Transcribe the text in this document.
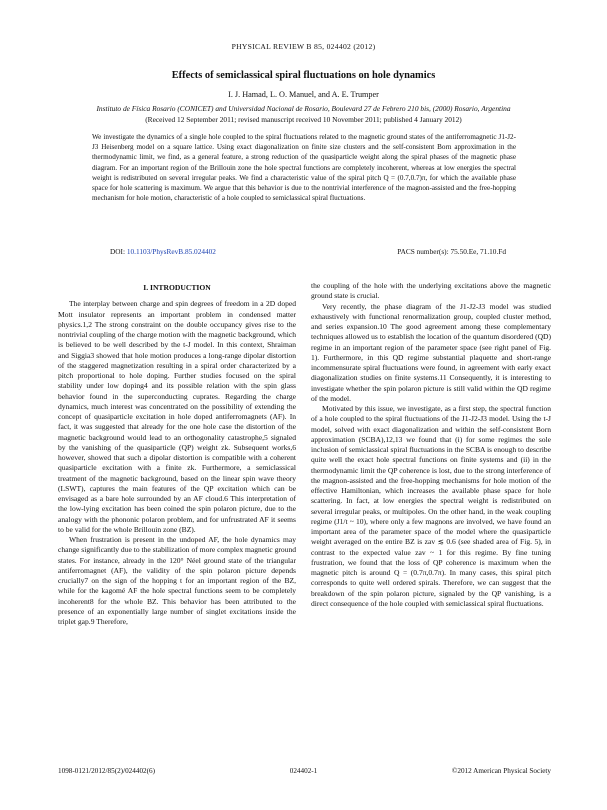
PHYSICAL REVIEW B 85, 024402 (2012)
Effects of semiclassical spiral fluctuations on hole dynamics
I. J. Hamad, L. O. Manuel, and A. E. Trumper
Instituto de Física Rosario (CONICET) and Universidad Nacional de Rosario, Boulevard 27 de Febrero 210 bis, (2000) Rosario, Argentina
(Received 12 September 2011; revised manuscript received 10 November 2011; published 4 January 2012)
We investigate the dynamics of a single hole coupled to the spiral fluctuations related to the magnetic ground states of the antiferromagnetic J1-J2-J3 Heisenberg model on a square lattice. Using exact diagonalization on finite size clusters and the self-consistent Born approximation in the thermodynamic limit, we find, as a general feature, a strong reduction of the quasiparticle weight along the spiral phases of the magnetic phase diagram. For an important region of the Brillouin zone the hole spectral functions are completely incoherent, whereas at low energies the spectral weight is redistributed on several irregular peaks. We find a characteristic value of the spiral pitch Q = (0.7,0.7)π, for which the available phase space for hole scattering is maximum. We argue that this behavior is due to the nontrivial interference of the magnon-assisted and the free-hopping mechanism for hole motion, characteristic of a hole coupled to semiclassical spiral fluctuations.
DOI: 10.1103/PhysRevB.85.024402	PACS number(s): 75.50.Ee, 71.10.Fd

I. INTRODUCTION

The interplay between charge and spin degrees of freedom in a 2D doped Mott insulator represents an important problem in condensed matter physics.1,2 The strong constraint on the double occupancy gives rise to the nontrivial coupling of the charge motion with the magnetic background, which is believed to be well described by the t-J model. In this context, Shraiman and Siggia3 showed that hole motion produces a long-range dipolar distortion of the staggered magnetization resulting in a spiral order characterized by a pitch proportional to hole doping. Further studies focused on the spiral stability under low doping4 and its possible relation with the spin glass behavior found in the superconducting cuprates. Regarding the charge dynamics, much interest was concentrated on the possibility of extending the concept of quasiparticle excitation in hole doped antiferromagnets (AF). In fact, it was suggested that already for the one hole case the distortion of the magnetic background would lead to an orthogonality catastrophe,5 signaled by the vanishing of the quasiparticle (QP) weight zk. Subsequent works,6 however, showed that such a dipolar distortion is compatible with a coherent quasiparticle excitation with a finite zk. Furthermore, a semiclassical treatment of the magnetic background, based on the linear spin wave theory (LSWT), captures the main features of the QP excitation which can be envisaged as a bare hole surrounded by an AF cloud.6 This interpretation of the low-lying excitation has been coined the spin polaron picture, due to the analogy with the phononic polaron problem, and for unfrustrated AF it seems to be valid for the whole Brillouin zone (BZ).

When frustration is present in the undoped AF, the hole dynamics may change significantly due to the stabilization of more complex magnetic ground states. For instance, already in the 120° Néel ground state of the triangular antiferromagnet (AF), the validity of the spin polaron picture depends crucially7 on the sign of the hopping t for an important region of the BZ, while for the kagomé AF the hole spectral functions seem to be completely incoherent8 for the whole BZ. This behavior has been attributed to the presence of an exponentially large number of singlet excitations inside the triplet gap.9 Therefore,

the coupling of the hole with the underlying excitations above the magnetic ground state is crucial.

Very recently, the phase diagram of the J1-J2-J3 model was studied exhaustively with functional renormalization group, coupled cluster method, and series expansion.10 The good agreement among these complementary techniques allowed us to establish the location of the quantum disordered (QD) regime in an important region of the parameter space (see right panel of Fig. 1). Furthermore, in this QD regime substantial plaquette and short-range incommensurate spiral fluctuations were found, in agreement with early exact diagonalization studies on finite systems.11 Consequently, it is interesting to investigate whether the spin polaron picture is still valid within the QD regime of the model.

Motivated by this issue, we investigate, as a first step, the spectral function of a hole coupled to the spiral fluctuations of the J1-J2-J3 model. Using the t-J model, solved with exact diagonalization and within the self-consistent Born approximation (SCBA),12,13 we found that (i) for some regimes the sole inclusion of semiclassical spiral fluctuations in the SCBA is enough to describe quite well the exact hole spectral functions on finite systems and (ii) in the thermodynamic limit the QP coherence is lost, due to the strong interference of the magnon-assisted and the free-hopping mechanisms for hole motion of the effective Hamiltonian, which increases the available phase space for hole scattering. In fact, at low energies the spectral weight is redistributed on several irregular peaks, or multipoles. On the other hand, in the weak coupling regime (J1/t ~ 10), where only a few magnons are involved, we have found an important area of the parameter space of the model where the quasiparticle weight averaged on the entire BZ is zav ≲ 0.6 (see shaded area of Fig. 5), in contrast to the expected value zav ~ 1 for this regime. By fine tuning frustration, we found that the loss of QP coherence is maximum when the magnetic pitch is around Q = (0.7π,0.7π). In many cases, this spiral pitch corresponds to quite well ordered spirals. Therefore, we can suggest that the breakdown of the spin polaron picture, signaled by the QP vanishing, is a direct consequence of the hole coupled with semiclassical spiral fluctuations.

1098-0121/2012/85(2)/024402(6)	024402-1	©2012 American Physical Society
